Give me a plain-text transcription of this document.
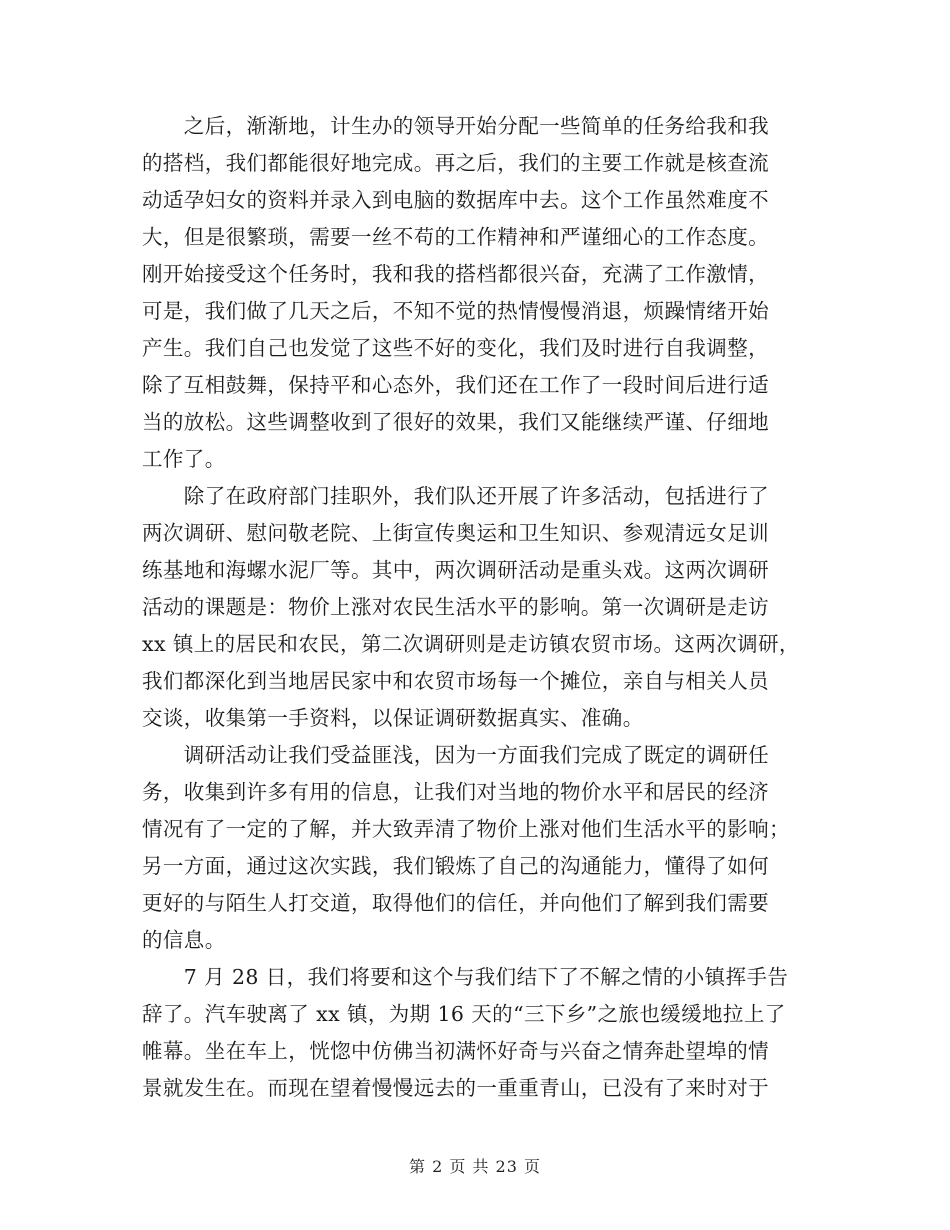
　　之后，渐渐地，计生办的领导开始分配一些简单的任务给我和我
的搭档，我们都能很好地完成。再之后，我们的主要工作就是核查流
动适孕妇女的资料并录入到电脑的数据库中去。这个工作虽然难度不
大，但是很繁琐，需要一丝不苟的工作精神和严谨细心的工作态度。
刚开始接受这个任务时，我和我的搭档都很兴奋，充满了工作激情，
可是，我们做了几天之后，不知不觉的热情慢慢消退，烦躁情绪开始
产生。我们自己也发觉了这些不好的变化，我们及时进行自我调整，
除了互相鼓舞，保持平和心态外，我们还在工作了一段时间后进行适
当的放松。这些调整收到了很好的效果，我们又能继续严谨、仔细地
工作了。
　　除了在政府部门挂职外，我们队还开展了许多活动，包括进行了
两次调研、慰问敬老院、上街宣传奥运和卫生知识、参观清远女足训
练基地和海螺水泥厂等。其中，两次调研活动是重头戏。这两次调研
活动的课题是：物价上涨对农民生活水平的影响。第一次调研是走访
xx 镇上的居民和农民，第二次调研则是走访镇农贸市场。这两次调研，
我们都深化到当地居民家中和农贸市场每一个摊位，亲自与相关人员
交谈，收集第一手资料，以保证调研数据真实、准确。
　　调研活动让我们受益匪浅，因为一方面我们完成了既定的调研任
务，收集到许多有用的信息，让我们对当地的物价水平和居民的经济
情况有了一定的了解，并大致弄清了物价上涨对他们生活水平的影响；
另一方面，通过这次实践，我们锻炼了自己的沟通能力，懂得了如何
更好的与陌生人打交道，取得他们的信任，并向他们了解到我们需要
的信息。
　　7 月 28 日，我们将要和这个与我们结下了不解之情的小镇挥手告
辞了。汽车驶离了 xx 镇，为期 16 天的“三下乡”之旅也缓缓地拉上了
帷幕。坐在车上，恍惚中仿佛当初满怀好奇与兴奋之情奔赴望埠的情
景就发生在。而现在望着慢慢远去的一重重青山，已没有了来时对于
第 2 页 共 23 页
